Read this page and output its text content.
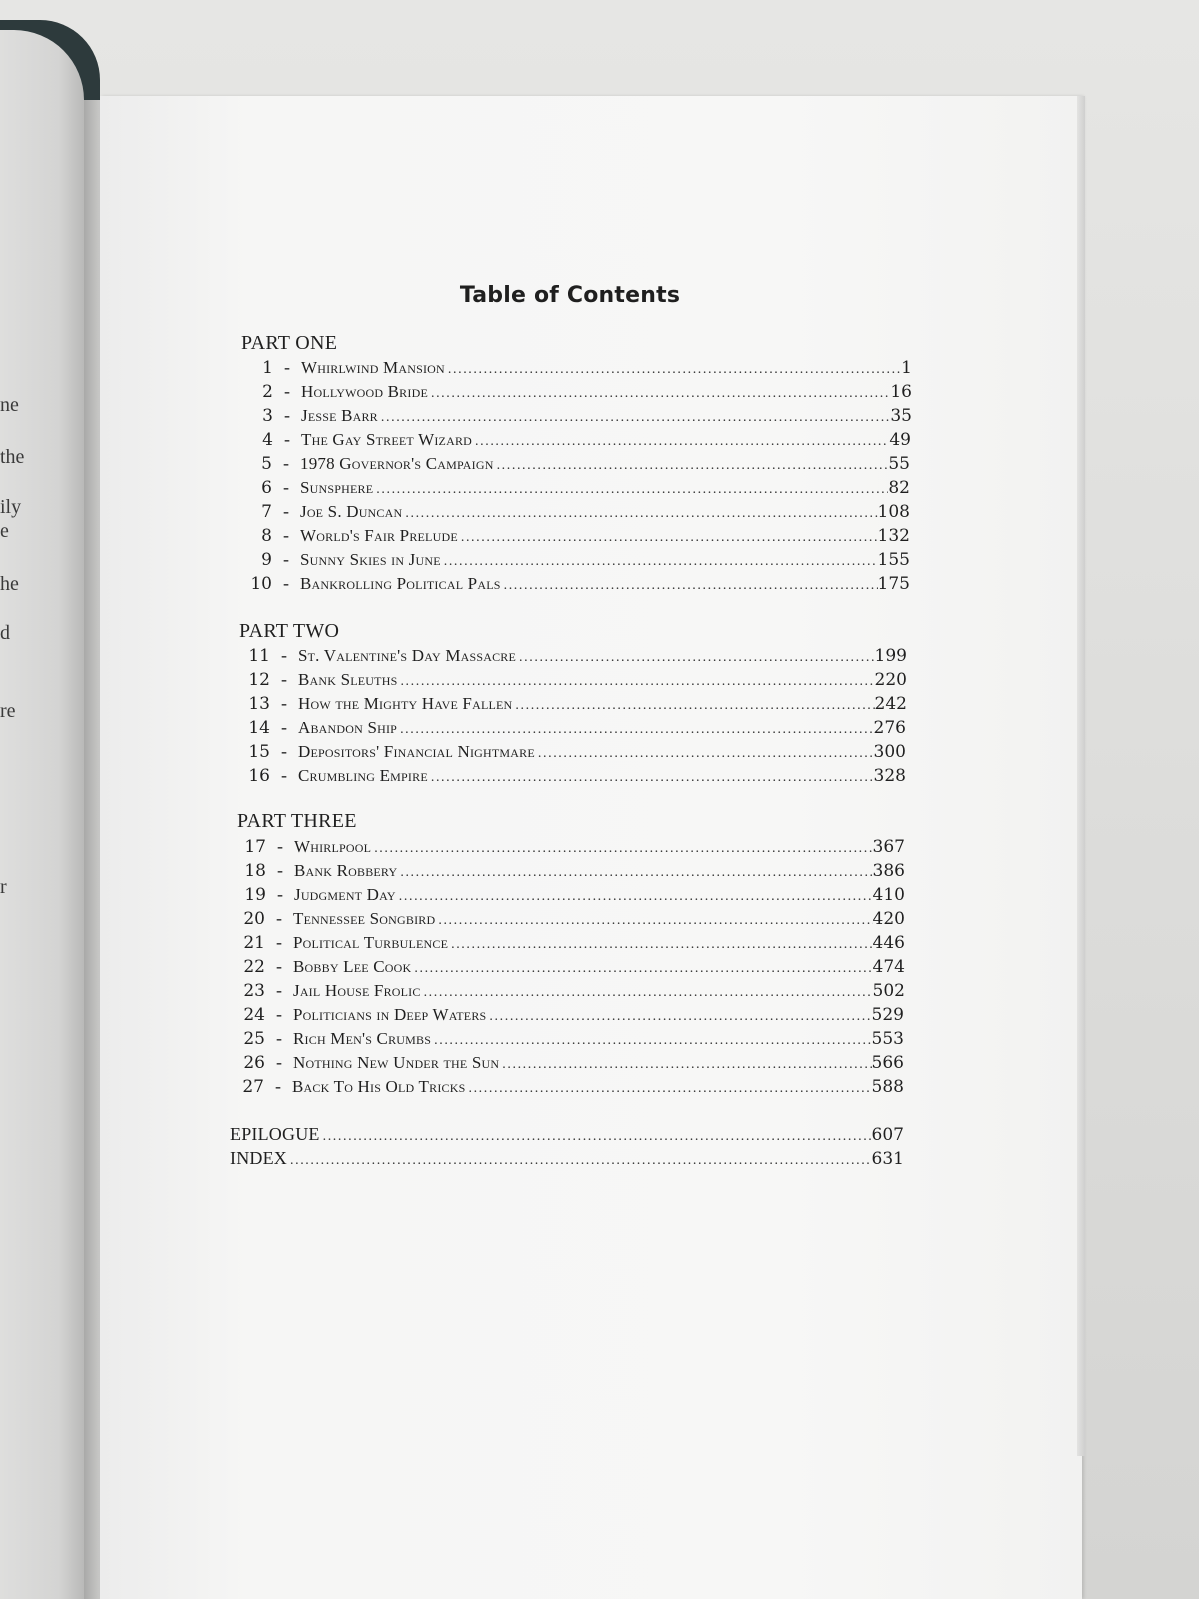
ne
the
ily
e
he
d
re
r
Table of Contents
PART ONE
1 - Whirlwind Mansion .....	1
2 - Hollywood Bride .....	16
3 - Jesse Barr .....	35
4 - The Gay Street Wizard .....	49
5 - 1978 Governor's Campaign .....	55
6 - Sunsphere .....	82
7 - Joe S. Duncan .....	108
8 - World's Fair Prelude .....	132
9 - Sunny Skies in June .....	155
10 - Bankrolling Political Pals .....	175
PART TWO
11 - St. Valentine's Day Massacre .....	199
12 - Bank Sleuths .....	220
13 - How the Mighty Have Fallen .....	242
14 - Abandon Ship .....	276
15 - Depositors' Financial Nightmare .....	300
16 - Crumbling Empire .....	328
PART THREE
17 - Whirlpool .....	367
18 - Bank Robbery .....	386
19 - Judgment Day .....	410
20 - Tennessee Songbird .....	420
21 - Political Turbulence .....	446
22 - Bobby Lee Cook .....	474
23 - Jail House Frolic .....	502
24 - Politicians in Deep Waters .....	529
25 - Rich Men's Crumbs .....	553
26 - Nothing New Under the Sun .....	566
27 - Back To His Old Tricks .....	588
EPILOGUE .....	607
INDEX .....	631
